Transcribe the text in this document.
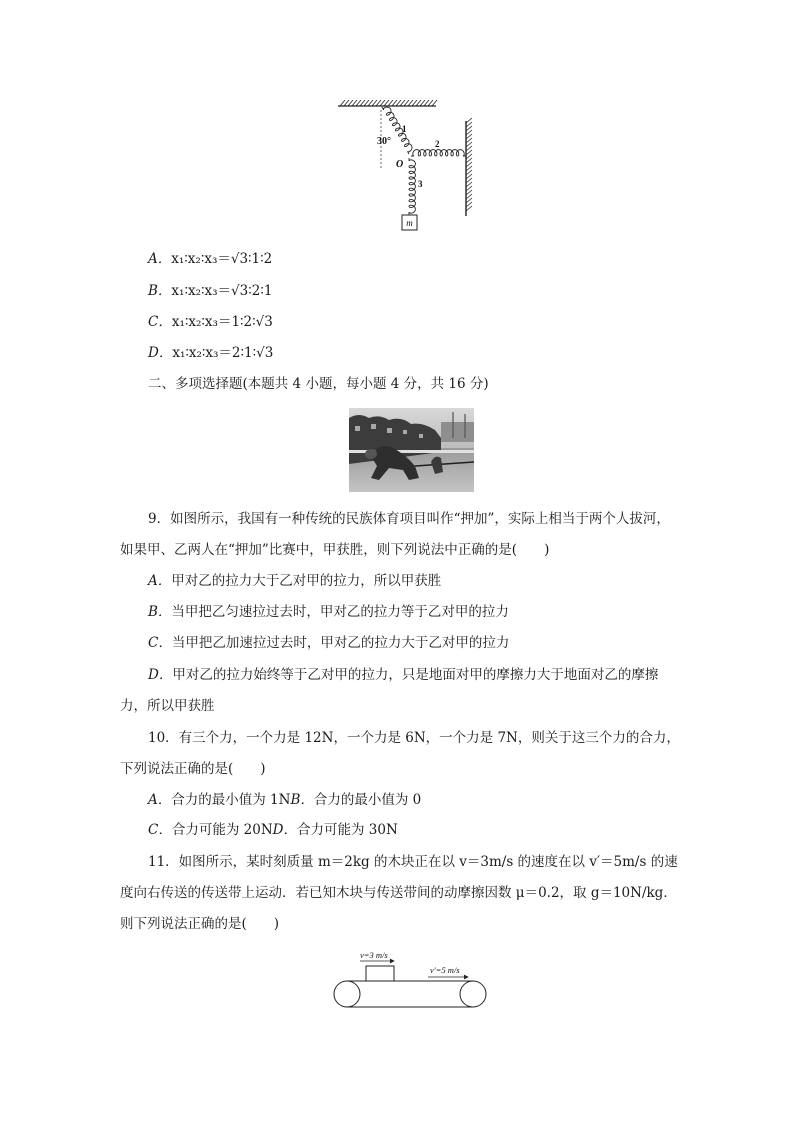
m
30°
1
2
O
3
A．x₁∶x₂∶x₃＝√3∶1∶2
B．x₁∶x₂∶x₃＝√3∶2∶1
C．x₁∶x₂∶x₃＝1∶2∶√3
D．x₁∶x₂∶x₃＝2∶1∶√3
二、多项选择题(本题共 4 小题，每小题 4 分，共 16 分)
9．如图所示，我国有一种传统的民族体育项目叫作“押加”，实际上相当于两个人拔河，
如果甲、乙两人在“押加”比赛中，甲获胜，则下列说法中正确的是(　　)
A．甲对乙的拉力大于乙对甲的拉力，所以甲获胜
B．当甲把乙匀速拉过去时，甲对乙的拉力等于乙对甲的拉力
C．当甲把乙加速拉过去时，甲对乙的拉力大于乙对甲的拉力
D．甲对乙的拉力始终等于乙对甲的拉力，只是地面对甲的摩擦力大于地面对乙的摩擦
力，所以甲获胜
10．有三个力，一个力是 12N，一个力是 6N，一个力是 7N，则关于这三个力的合力，
下列说法正确的是(　　)
A．合力的最小值为 1NB．合力的最小值为 0
C．合力可能为 20ND．合力可能为 30N
11．如图所示，某时刻质量 m＝2kg 的木块正在以 v＝3m/s 的速度在以 v′＝5m/s 的速
度向右传送的传送带上运动．若已知木块与传送带间的动摩擦因数 μ＝0.2，取 g＝10N/kg．
则下列说法正确的是(　　)
v=3 m/s
v′=5 m/s
